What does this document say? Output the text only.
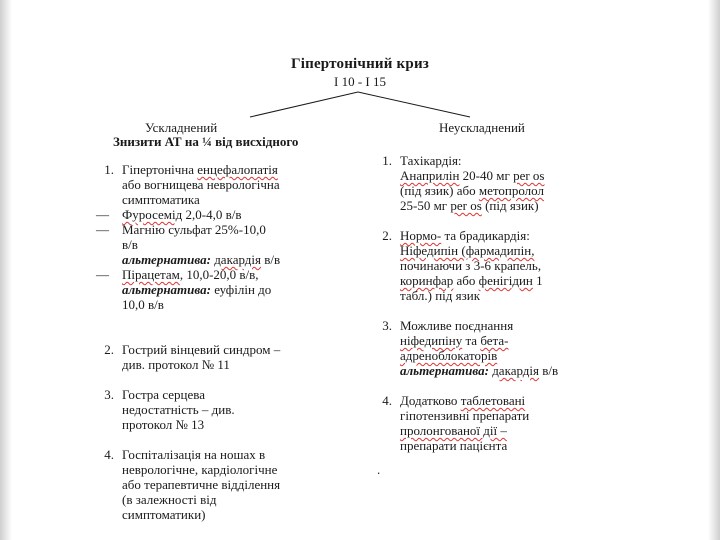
Гіпертонічний криз
I 10 - I 15
Ускладнений	Неускладнений
Знизити АТ на ¼ від висхідного
1. Гіпертонічна енцефалопатія
або вогнищева неврологічна
симптоматика
—	Фуросемід 2,0-4,0 в/в
—	Магнію сульфат 25%-10,0
в/в
альтернатива: дакардія в/в
—	Пірацетам, 10,0-20,0 в/в,
альтернатива: еуфілін до
10,0 в/в
2. Гострий вінцевий синдром –
див. протокол № 11
3. Гостра серцева
недостатність – див.
протокол № 13
4. Госпіталізація на ношах в
неврологічне, кардіологічне
або терапевтичне відділення
(в залежності від
симптоматики)
1. Тахікардія:
Анаприлін 20-40 мг per os
(під язик) або метопролол
25-50 мг per os (під язик)
2. Нормо- та брадикардія:
Ніфедипін (фармадипін,
починаючи з 3-6 крапель,
коринфар або фенігідин 1
табл.) під язик
3. Можливе поєднання
ніфедипіну та бета-
адреноблокаторів
альтернатива: дакардія в/в
4. Додатково таблетовані
гіпотензивні препарати
пролонгованої дії –
препарати пацієнта
.
